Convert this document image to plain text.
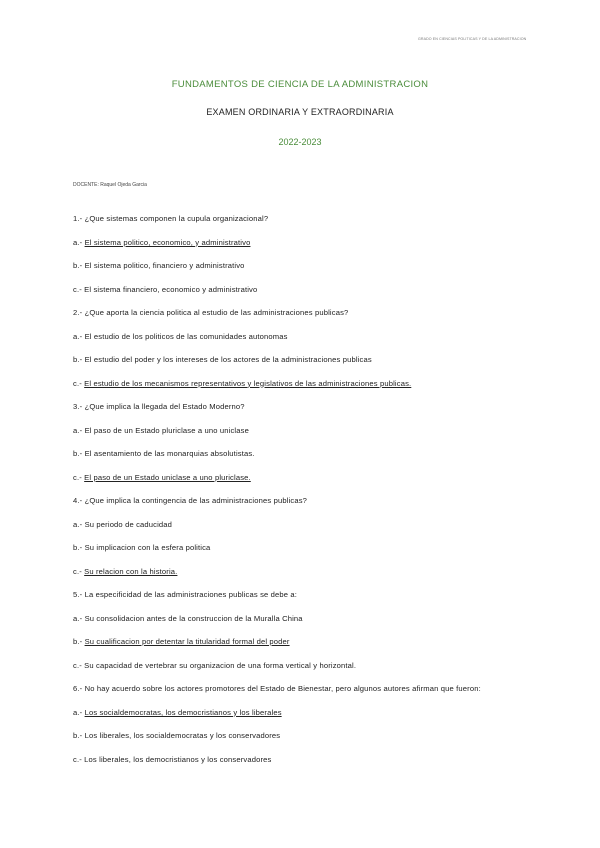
GRADO EN CIENCIAS POLITICAS Y DE LA ADMINISTRACION
FUNDAMENTOS DE CIENCIA DE LA ADMINISTRACION
EXAMEN ORDINARIA Y EXTRAORDINARIA
2022-2023
DOCENTE: Raquel Ojeda Garcia
1.- ¿Que sistemas componen la cupula organizacional?
a.- El sistema politico, economico, y administrativo
b.- El sistema politico, financiero y administrativo
c.- El sistema financiero, economico y administrativo
2.- ¿Que aporta la ciencia politica al estudio de las administraciones publicas?
a.- El estudio de los politicos de las comunidades autonomas
b.- El estudio del poder y los intereses de los actores de la administraciones publicas
c.- El estudio de los mecanismos representativos y legislativos de las administraciones publicas.
3.- ¿Que implica la llegada del Estado Moderno?
a.- El paso de un Estado pluriclase a uno uniclase
b.- El asentamiento de las monarquias absolutistas.
c.- El paso de un Estado uniclase a uno pluriclase.
4.- ¿Que implica la contingencia de las administraciones publicas?
a.- Su periodo de caducidad
b.- Su implicacion con la esfera politica
c.- Su relacion con la historia.
5.- La especificidad de las administraciones publicas se debe a:
a.- Su consolidacion antes de la construccion de la Muralla China
b.- Su cualificacion por detentar la titularidad formal del poder
c.- Su capacidad de vertebrar su organizacion de una forma vertical y horizontal.
6.- No hay acuerdo sobre los actores promotores del Estado de Bienestar, pero algunos autores afirman que fueron:
a.- Los socialdemocratas, los democristianos y los liberales
b.- Los liberales, los socialdemocratas y los conservadores
c.- Los liberales, los democristianos y los conservadores
